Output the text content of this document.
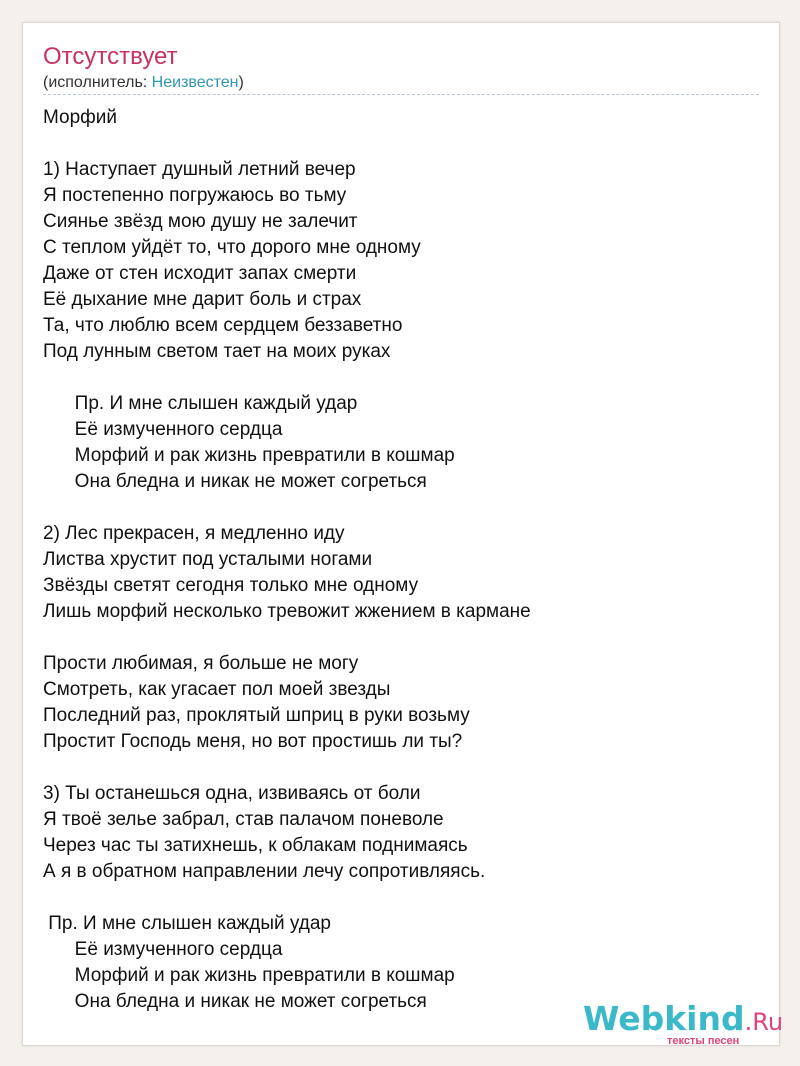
Отсутствует
(исполнитель: Неизвестен)
Морфий
1) Наступает душный летний вечер
Я постепенно погружаюсь во тьму
Сиянье звёзд мою душу не залечит
С теплом уйдёт то, что дорого мне одному
Даже от стен исходит запах смерти
Её дыхание мне дарит боль и страх
Та, что люблю всем сердцем беззаветно
Под лунным светом тает на моих руках
Пр. И мне слышен каждый удар
Её измученного сердца
Морфий и рак жизнь превратили в кошмар
Она бледна и никак не может согреться
2) Лес прекрасен, я медленно иду
Листва хрустит под усталыми ногами
Звёзды светят сегодня только мне одному
Лишь морфий несколько тревожит жжением в кармане
Прости любимая, я больше не могу
Смотреть, как угасает пол моей звезды
Последний раз, проклятый шприц в руки возьму
Простит Господь меня, но вот простишь ли ты?
3) Ты останешься одна, извиваясь от боли
Я твоё зелье забрал, став палачом поневоле
Через час ты затихнешь, к облакам поднимаясь
А я в обратном направлении лечу сопротивляясь.
Пр. И мне слышен каждый удар
Её измученного сердца
Морфий и рак жизнь превратили в кошмар
Она бледна и никак не может согреться	Webkind.Ru
тексты песен
